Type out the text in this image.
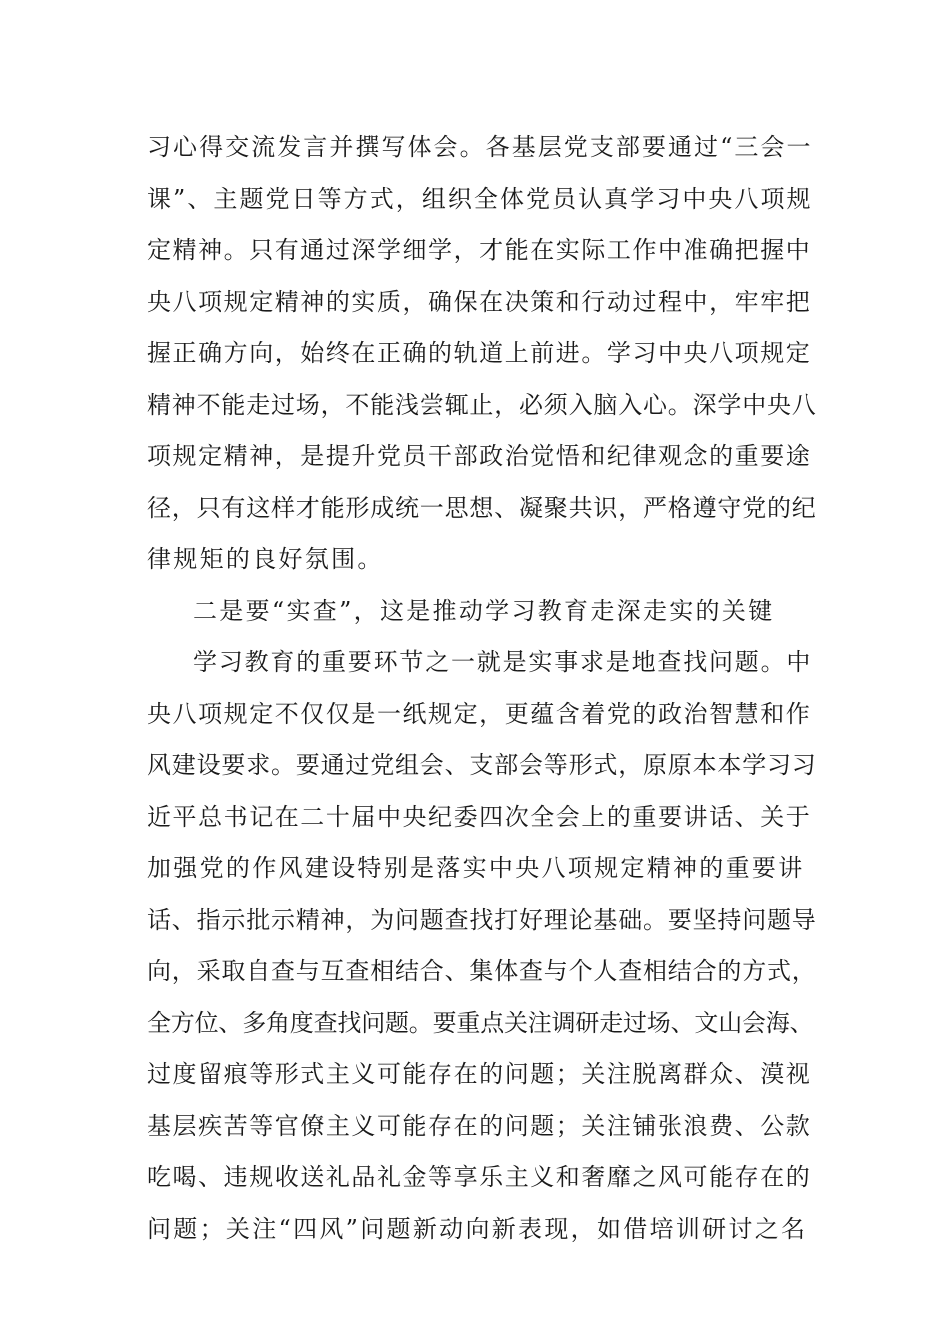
习心得交流发言并撰写体会。各基层党支部要通过“三会一
课”、主题党日等方式，组织全体党员认真学习中央八项规
定精神。只有通过深学细学，才能在实际工作中准确把握中
央八项规定精神的实质，确保在决策和行动过程中，牢牢把
握正确方向，始终在正确的轨道上前进。学习中央八项规定
精神不能走过场，不能浅尝辄止，必须入脑入心。深学中央八
项规定精神，是提升党员干部政治觉悟和纪律观念的重要途
径，只有这样才能形成统一思想、凝聚共识，严格遵守党的纪
律规矩的良好氛围。
二是要“实查”，这是推动学习教育走深走实的关键
学习教育的重要环节之一就是实事求是地查找问题。中
央八项规定不仅仅是一纸规定，更蕴含着党的政治智慧和作
风建设要求。要通过党组会、支部会等形式，原原本本学习习
近平总书记在二十届中央纪委四次全会上的重要讲话、关于
加强党的作风建设特别是落实中央八项规定精神的重要讲
话、指示批示精神，为问题查找打好理论基础。要坚持问题导
向，采取自查与互查相结合、集体查与个人查相结合的方式，
全方位、多角度查找问题。要重点关注调研走过场、文山会海、
过度留痕等形式主义可能存在的问题；关注脱离群众、漠视
基层疾苦等官僚主义可能存在的问题；关注铺张浪费、公款
吃喝、违规收送礼品礼金等享乐主义和奢靡之风可能存在的
问题；关注“四风”问题新动向新表现，如借培训研讨之名
